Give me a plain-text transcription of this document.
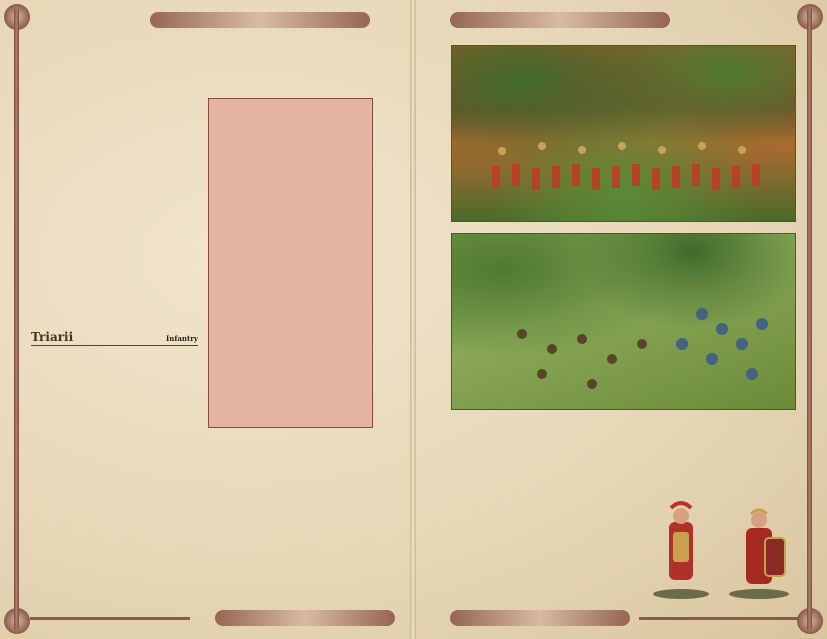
Triarii	Infantry
